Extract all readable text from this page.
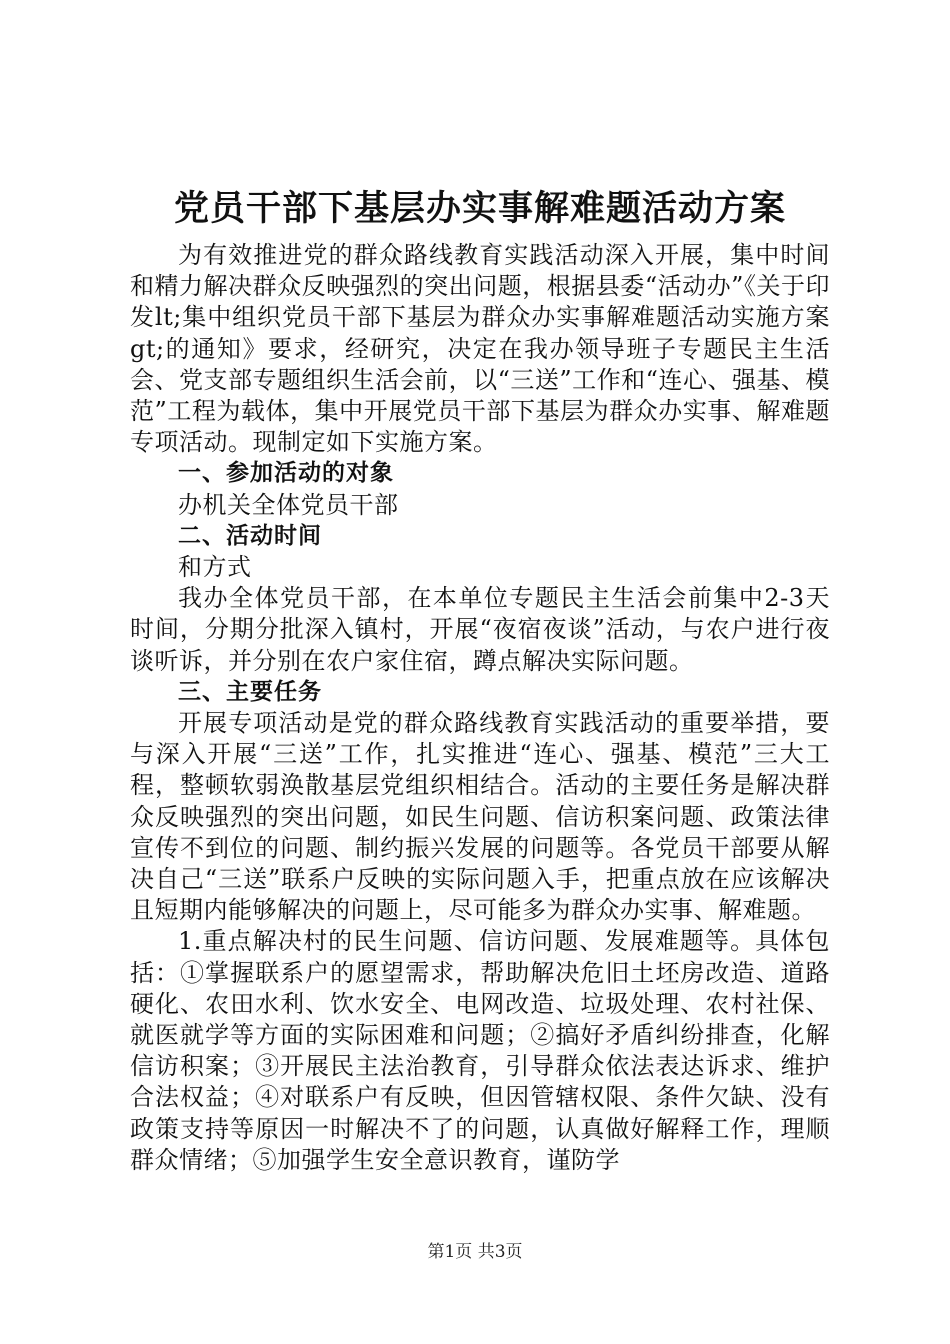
党员干部下基层办实事解难题活动方案

为有效推进党的群众路线教育实践活动深入开展，集中时间和精力解决群众反映强烈的突出问题，根据县委“活动办”《关于印发lt;集中组织党员干部下基层为群众办实事解难题活动实施方案gt;的通知》要求，经研究，决定在我办领导班子专题民主生活会、党支部专题组织生活会前，以“三送”工作和“连心、强基、模范”工程为载体，集中开展党员干部下基层为群众办实事、解难题专项活动。现制定如下实施方案。

一、参加活动的对象

办机关全体党员干部

二、活动时间

和方式

我办全体党员干部，在本单位专题民主生活会前集中2-3天时间，分期分批深入镇村，开展“夜宿夜谈”活动，与农户进行夜谈听诉，并分别在农户家住宿，蹲点解决实际问题。

三、主要任务

开展专项活动是党的群众路线教育实践活动的重要举措，要与深入开展“三送”工作，扎实推进“连心、强基、模范”三大工程，整顿软弱涣散基层党组织相结合。活动的主要任务是解决群众反映强烈的突出问题，如民生问题、信访积案问题、政策法律宣传不到位的问题、制约振兴发展的问题等。各党员干部要从解决自己“三送”联系户反映的实际问题入手，把重点放在应该解决且短期内能够解决的问题上，尽可能多为群众办实事、解难题。

1.重点解决村的民生问题、信访问题、发展难题等。具体包括：①掌握联系户的愿望需求，帮助解决危旧土坯房改造、道路硬化、农田水利、饮水安全、电网改造、垃圾处理、农村社保、就医就学等方面的实际困难和问题；②搞好矛盾纠纷排查，化解信访积案；③开展民主法治教育，引导群众依法表达诉求、维护合法权益；④对联系户有反映，但因管辖权限、条件欠缺、没有政策支持等原因一时解决不了的问题，认真做好解释工作，理顺群众情绪；⑤加强学生安全意识教育，谨防学

第1页 共3页
